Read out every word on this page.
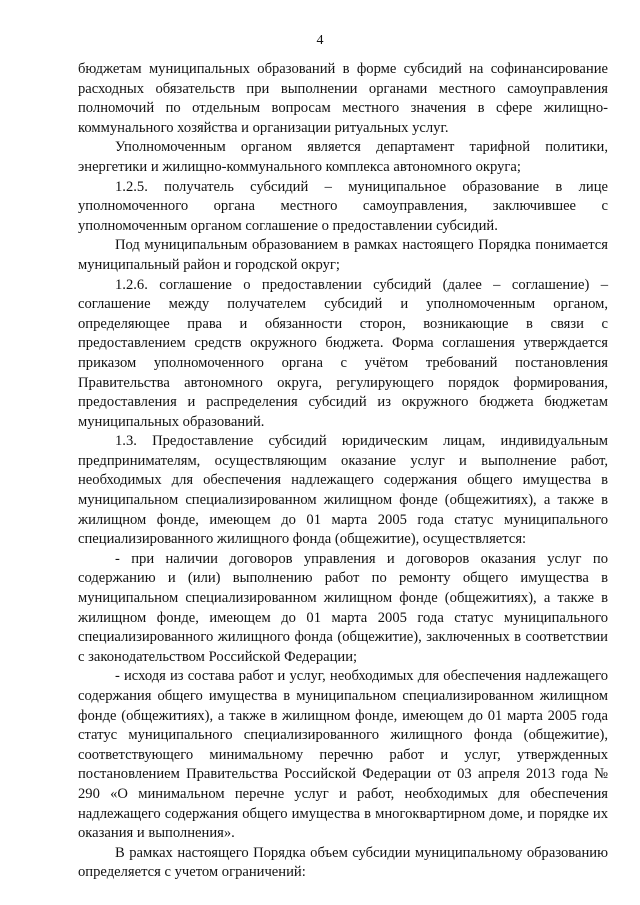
4

бюджетам муниципальных образований в форме субсидий на софинансирование расходных обязательств при выполнении органами местного самоуправления полномочий по отдельным вопросам местного значения в сфере жилищно-коммунального хозяйства и организации ритуальных услуг.

Уполномоченным органом является департамент тарифной политики, энергетики и жилищно-коммунального комплекса автономного округа;

1.2.5. получатель субсидий – муниципальное образование в лице уполномоченного органа местного самоуправления, заключившее с уполномоченным органом соглашение о предоставлении субсидий.

Под муниципальным образованием в рамках настоящего Порядка понимается муниципальный район и городской округ;

1.2.6. соглашение о предоставлении субсидий (далее – соглашение) – соглашение между получателем субсидий и уполномоченным органом, определяющее права и обязанности сторон, возникающие в связи с предоставлением средств окружного бюджета. Форма соглашения утверждается приказом уполномоченного органа с учётом требований постановления Правительства автономного округа, регулирующего порядок формирования, предоставления и распределения субсидий из окружного бюджета бюджетам муниципальных образований.

1.3. Предоставление субсидий юридическим лицам, индивидуальным предпринимателям, осуществляющим оказание услуг и выполнение работ, необходимых для обеспечения надлежащего содержания общего имущества в муниципальном специализированном жилищном фонде (общежитиях), а также в жилищном фонде, имеющем до 01 марта 2005 года статус муниципального специализированного жилищного фонда (общежитие), осуществляется:

- при наличии договоров управления и договоров оказания услуг по содержанию и (или) выполнению работ по ремонту общего имущества в муниципальном специализированном жилищном фонде (общежитиях), а также в жилищном фонде, имеющем до 01 марта 2005 года статус муниципального специализированного жилищного фонда (общежитие), заключенных в соответствии с законодательством Российской Федерации;

- исходя из состава работ и услуг, необходимых для обеспечения надлежащего содержания общего имущества в муниципальном специализированном жилищном фонде (общежитиях), а также в жилищном фонде, имеющем до 01 марта 2005 года статус муниципального специализированного жилищного фонда (общежитие), соответствующего минимальному перечню работ и услуг, утвержденных постановлением Правительства Российской Федерации от 03 апреля 2013 года № 290 «О минимальном перечне услуг и работ, необходимых для обеспечения надлежащего содержания общего имущества в многоквартирном доме, и порядке их оказания и выполнения».

В рамках настоящего Порядка объем субсидии муниципальному образованию определяется с учетом ограничений:
